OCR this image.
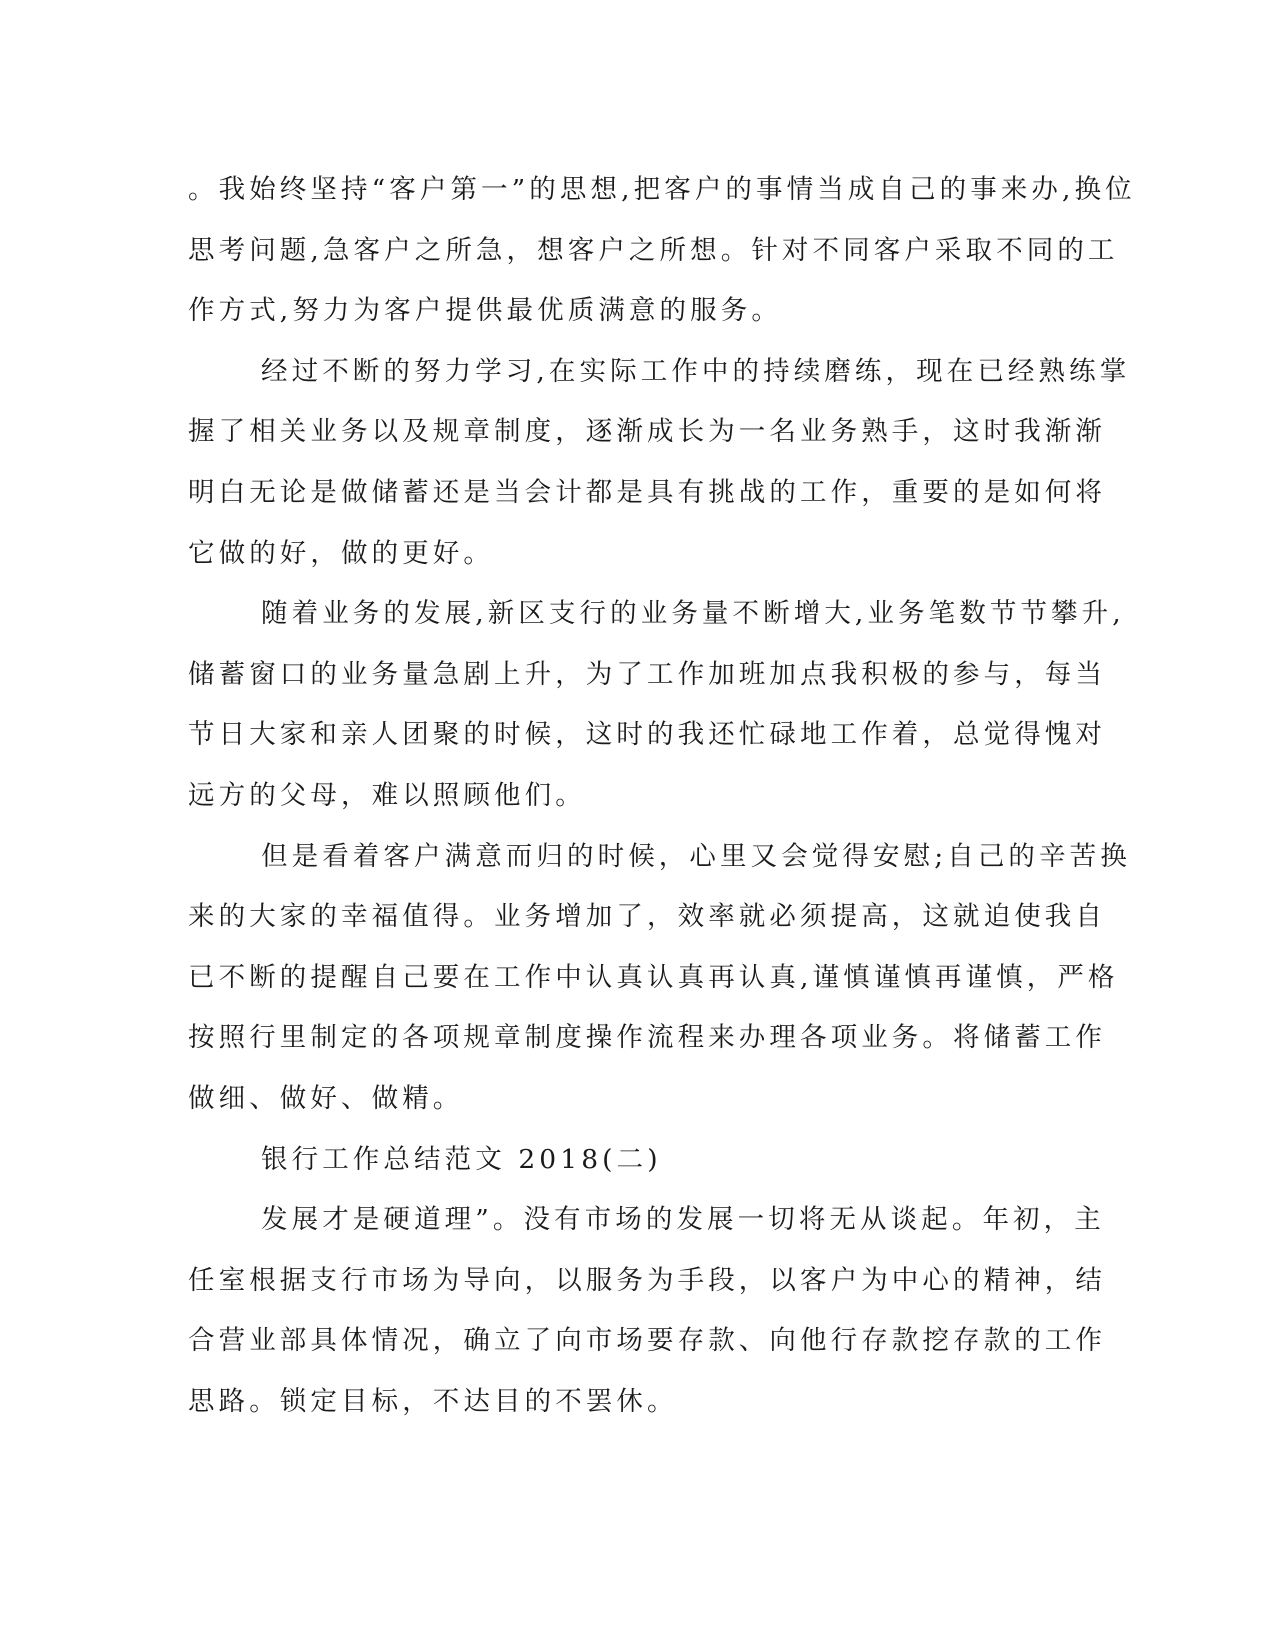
。我始终坚持“客户第一”的思想,把客户的事情当成自己的事来办,换位
思考问题,急客户之所急，想客户之所想。针对不同客户采取不同的工
作方式,努力为客户提供最优质满意的服务。

经过不断的努力学习,在实际工作中的持续磨练，现在已经熟练掌
握了相关业务以及规章制度，逐渐成长为一名业务熟手，这时我渐渐
明白无论是做储蓄还是当会计都是具有挑战的工作，重要的是如何将
它做的好，做的更好。

随着业务的发展,新区支行的业务量不断增大,业务笔数节节攀升,
储蓄窗口的业务量急剧上升，为了工作加班加点我积极的参与，每当
节日大家和亲人团聚的时候，这时的我还忙碌地工作着，总觉得愧对
远方的父母，难以照顾他们。

但是看着客户满意而归的时候，心里又会觉得安慰;自己的辛苦换
来的大家的幸福值得。业务增加了，效率就必须提高，这就迫使我自
已不断的提醒自己要在工作中认真认真再认真,谨慎谨慎再谨慎，严格
按照行里制定的各项规章制度操作流程来办理各项业务。将储蓄工作
做细、做好、做精。

银行工作总结范文 2018(二)

发展才是硬道理”。没有市场的发展一切将无从谈起。年初，主
任室根据支行市场为导向，以服务为手段，以客户为中心的精神，结
合营业部具体情况，确立了向市场要存款、向他行存款挖存款的工作
思路。锁定目标，不达目的不罢休。
